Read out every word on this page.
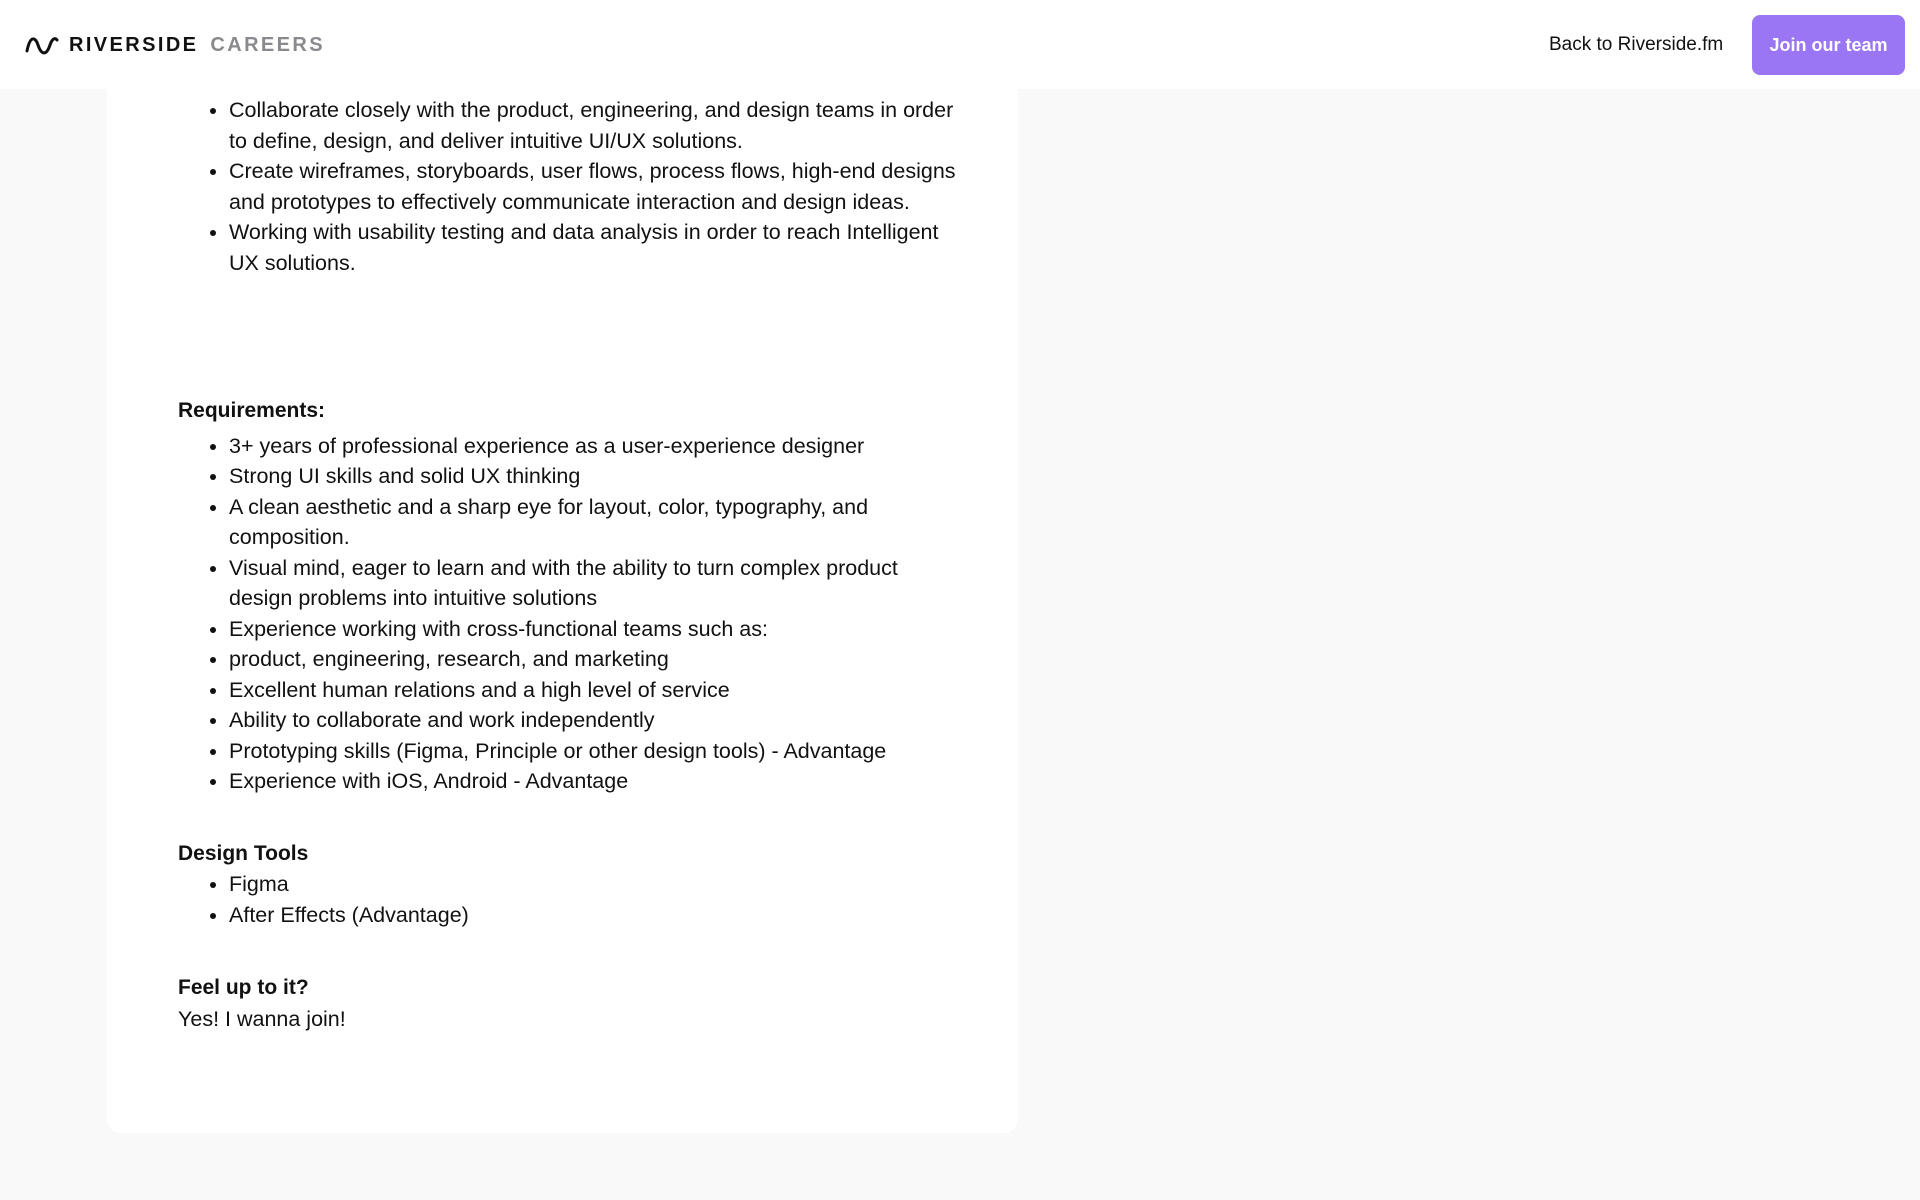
• Collaborate closely with the product, engineering, and design teams in order to define, design, and deliver intuitive UI/UX solutions.
• Create wireframes, storyboards, user flows, process flows, high-end designs and prototypes to effectively communicate interaction and design ideas.
• Working with usability testing and data analysis in order to reach Intelligent UX solutions.
Requirements:
• 3+ years of professional experience as a user-experience designer
• Strong UI skills and solid UX thinking
• A clean aesthetic and a sharp eye for layout, color, typography, and composition.
• Visual mind, eager to learn and with the ability to turn complex product design problems into intuitive solutions
• Experience working with cross-functional teams such as:
• product, engineering, research, and marketing
• Excellent human relations and a high level of service
• Ability to collaborate and work independently
• Prototyping skills (Figma, Principle or other design tools) - Advantage
• Experience with iOS, Android - Advantage
Design Tools
• Figma
• After Effects (Advantage)
Feel up to it?
Yes! I wanna join!
RIVERSIDE CAREERS	Back to Riverside.fm	Join our team
